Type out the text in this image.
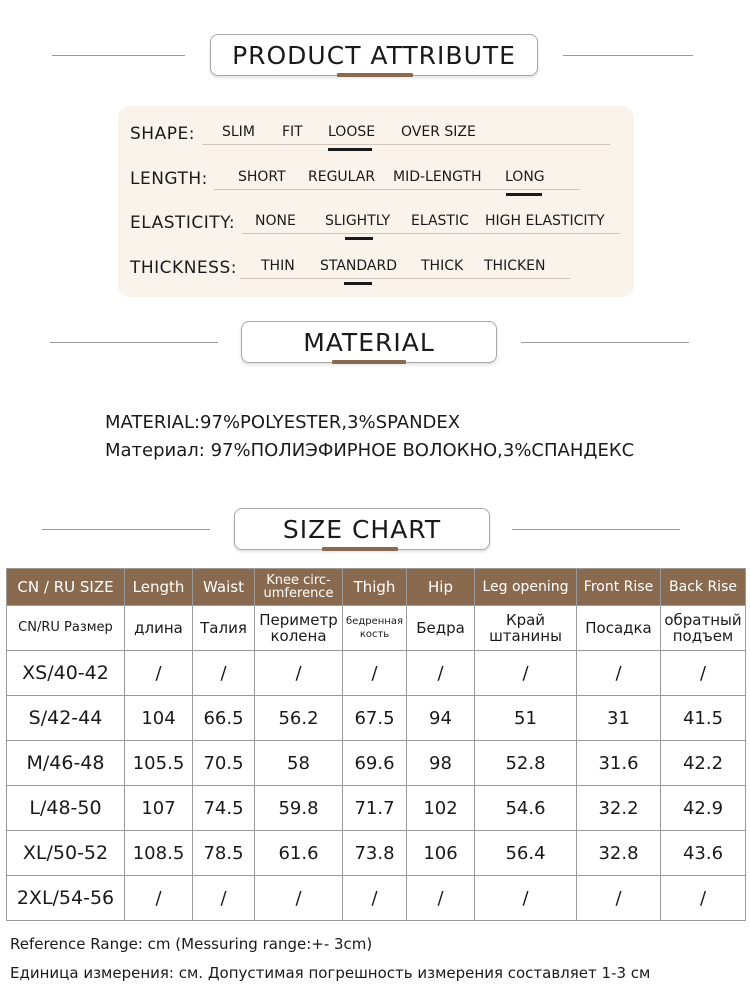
PRODUCT ATTRIBUTE
SHAPE: SLIM FIT LOOSE OVER SIZE
LENGTH: SHORT REGULAR MID-LENGTH LONG
ELASTICITY: NONE SLIGHTLY ELASTIC HIGH ELASTICITY
THICKNESS: THIN STANDARD THICK THICKEN
MATERIAL
MATERIAL:97%POLYESTER,3%SPANDEX
Материал: 97%ПОЛИЭФИРНОЕ ВОЛОКНО,3%СПАНДЕКС
SIZE CHART
CN / RU SIZE	Length	Waist	Knee circ-umference	Thigh	Hip	Leg opening	Front Rise	Back Rise
CN/RU Размер	длина	Талия	Периметр колена	бедренная кость	Бедра	Край штанины	Посадка	обратный подъем
XS/40-42	/	/	/	/	/	/	/	/
S/42-44	104	66.5	56.2	67.5	94	51	31	41.5
M/46-48	105.5	70.5	58	69.6	98	52.8	31.6	42.2
L/48-50	107	74.5	59.8	71.7	102	54.6	32.2	42.9
XL/50-52	108.5	78.5	61.6	73.8	106	56.4	32.8	43.6
2XL/54-56	/	/	/	/	/	/	/	/
Reference Range: cm (Messuring range:+- 3cm)
Единица измерения: см. Допустимая погрешность измерения составляет 1-3 см
